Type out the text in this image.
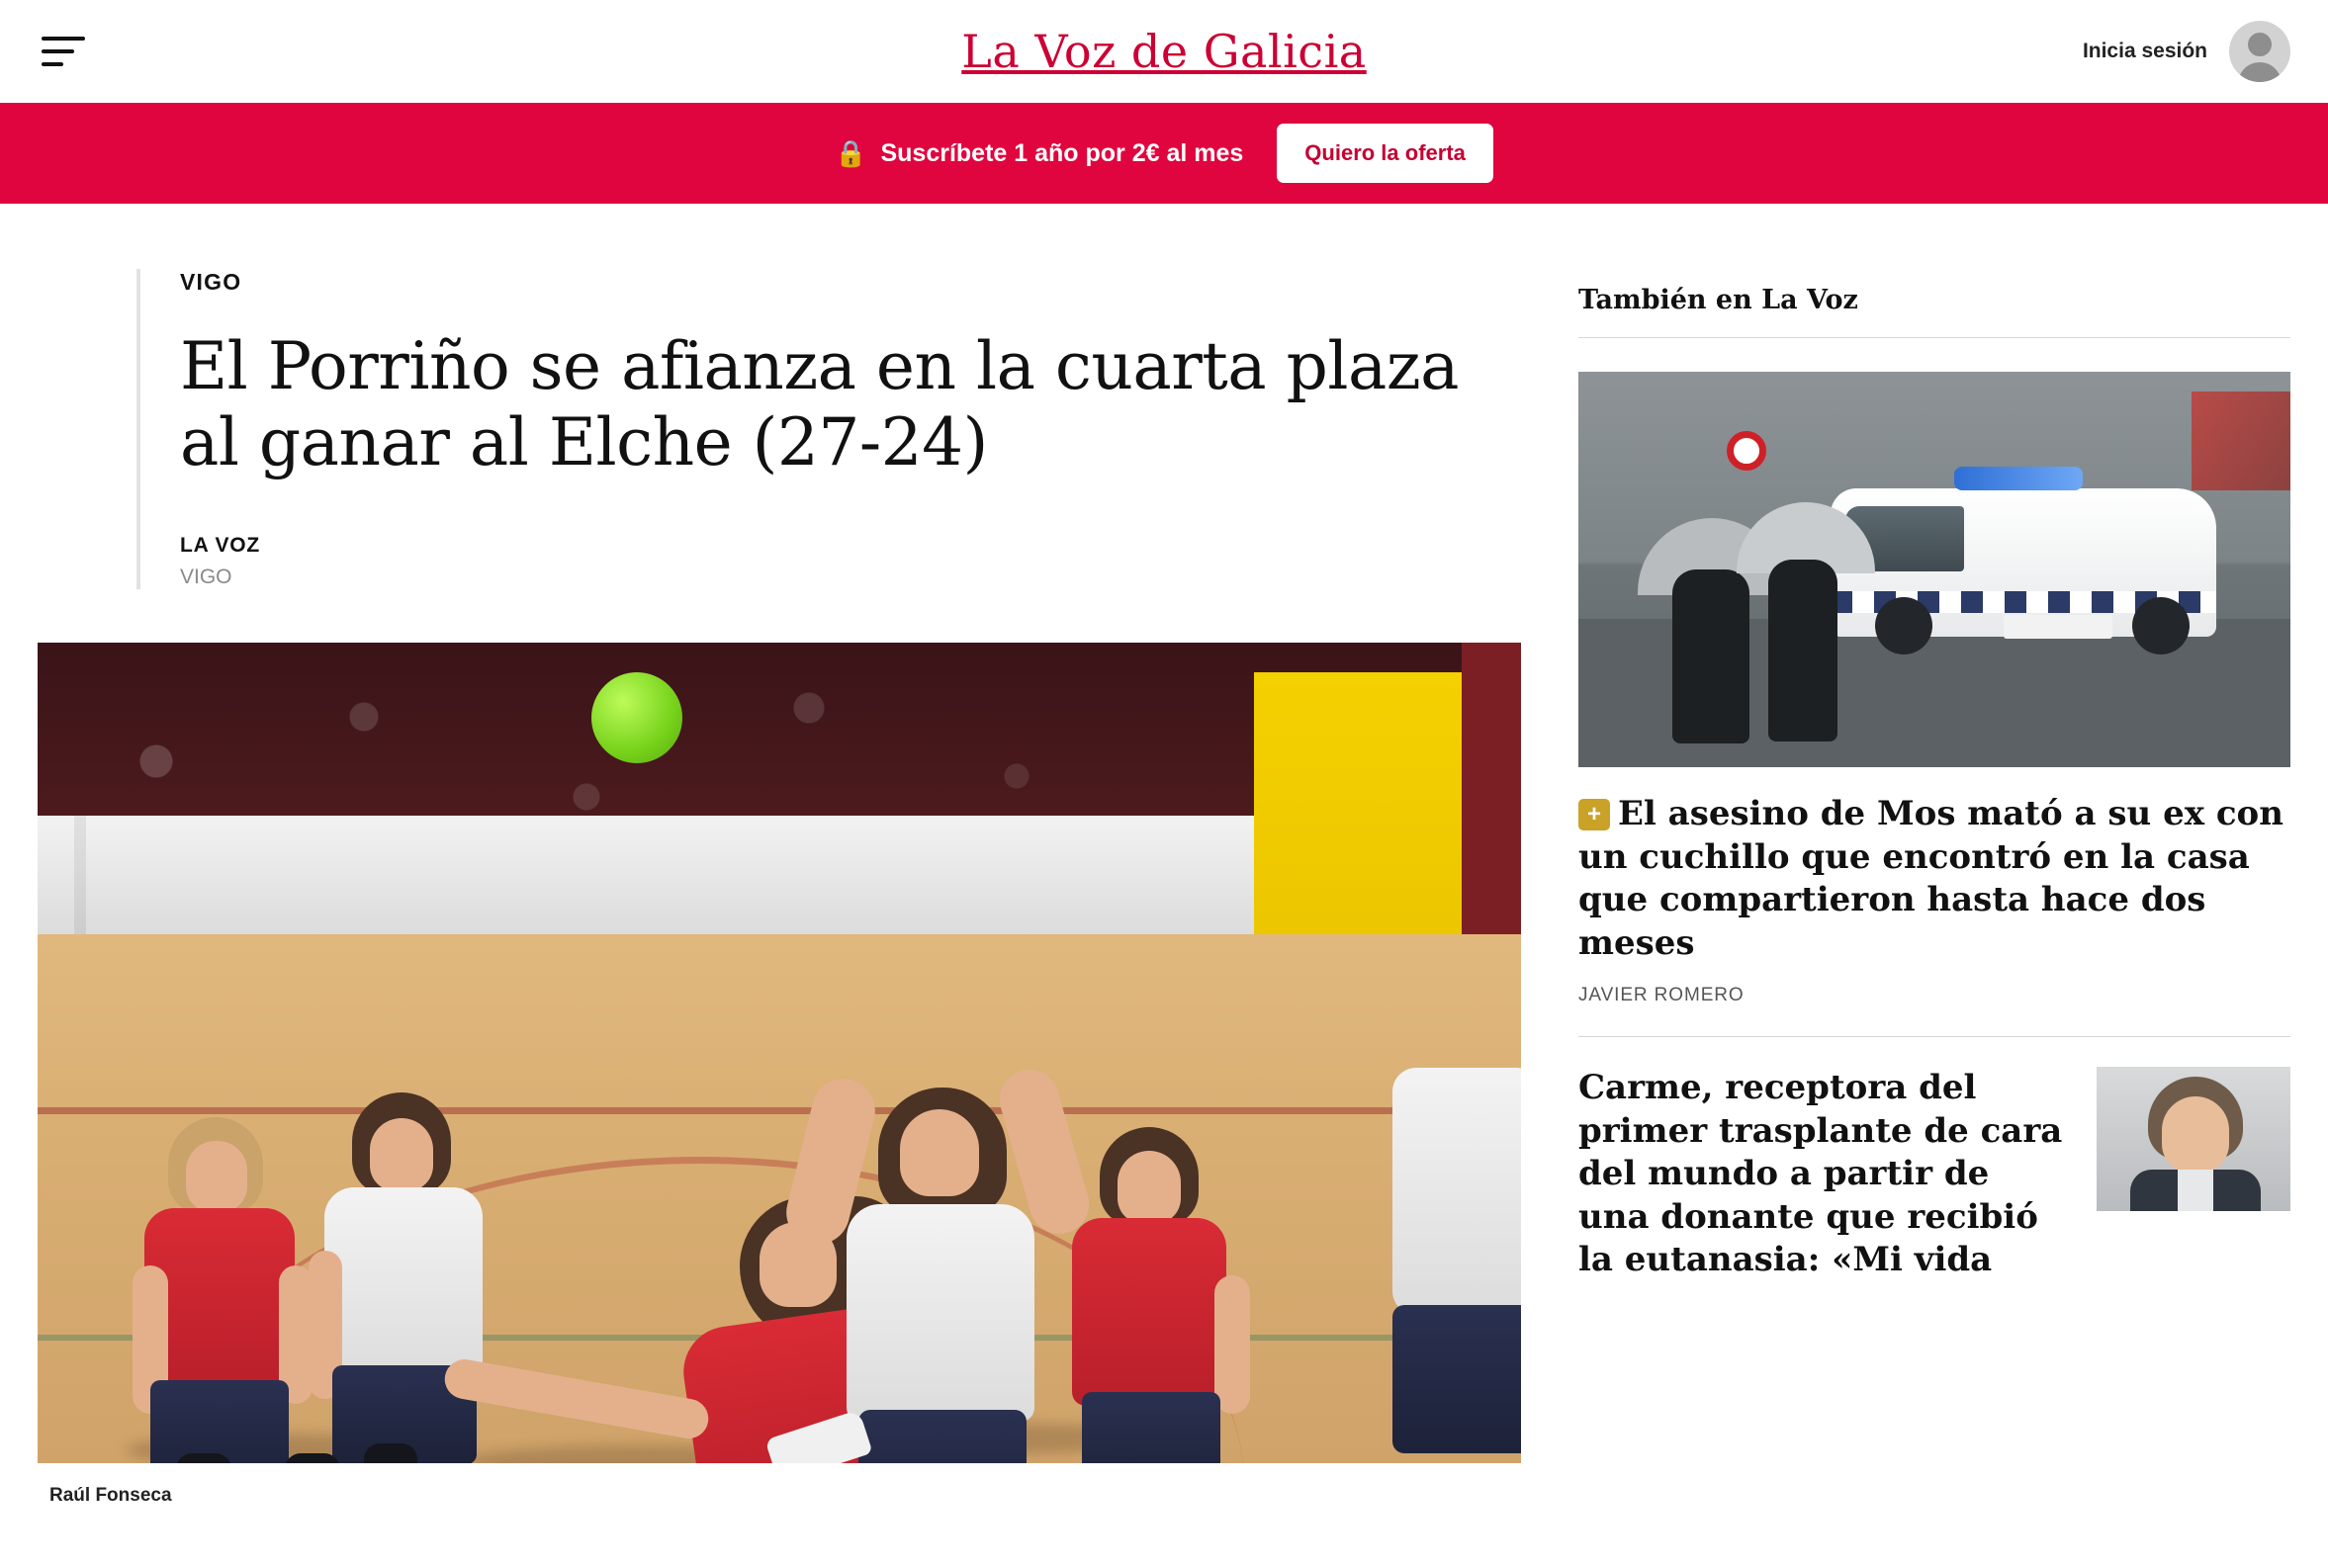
La Voz de Galicia	Inicia sesión
🔒 Suscríbete 1 año por 2€ al mes	Quiero la oferta
VIGO
El Porriño se afianza en la cuarta plaza al ganar al Elche (27-24)
LA VOZ
VIGO
Raúl Fonseca
También en La Voz
+ El asesino de Mos mató a su ex con un cuchillo que encontró en la casa que compartieron hasta hace dos meses
JAVIER ROMERO
Carme, receptora del primer trasplante de cara del mundo a partir de una donante que recibió la eutanasia: «Mi vida
